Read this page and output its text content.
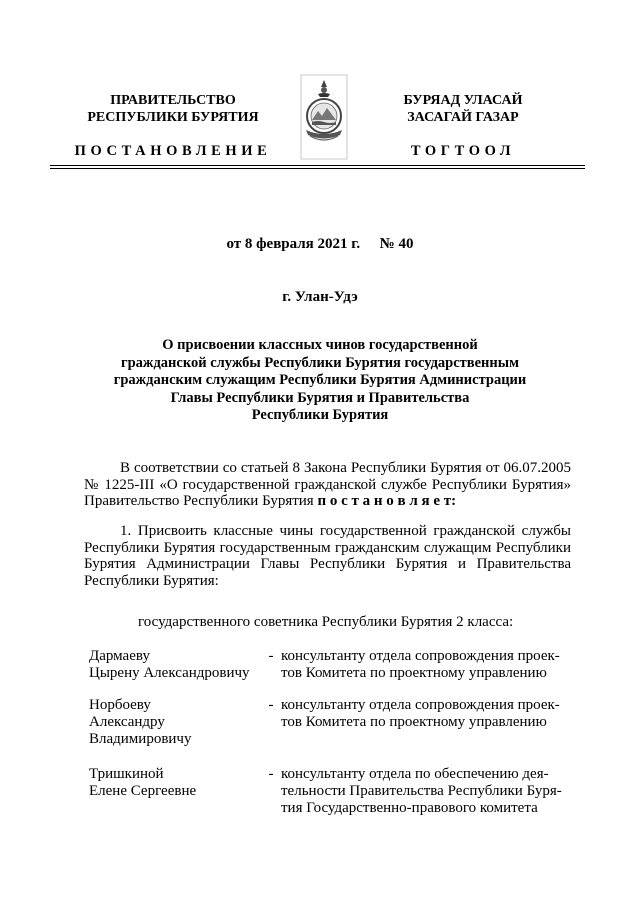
ПРАВИТЕЛЬСТВО
РЕСПУБЛИКИ БУРЯТИЯ
БУРЯАД УЛАСАЙ
ЗАСАГАЙ ГАЗАР
ПОСТАНОВЛЕНИЕ	ТОГТООЛ
от 8 февраля 2021 г. № 40
г. Улан-Удэ
О присвоении классных чинов государственной
гражданской службы Республики Бурятия государственным
гражданским служащим Республики Бурятия Администрации
Главы Республики Бурятия и Правительства
Республики Бурятия

В соответствии со статьей 8 Закона Республики Бурятия от 06.07.2005 № 1225-III «О государственной гражданской службе Республики Бурятия» Правительство Республики Бурятия п о с т а н о в л я е т:

1. Присвоить классные чины государственной гражданской службы Республики Бурятия государственным гражданским служащим Республики Бурятия Администрации Главы Республики Бурятия и Правительства Республики Бурятия:

государственного советника Республики Бурятия 2 класса:
Дармаеву
Цырену Александровичу
- консультанту отдела сопровождения проек-
тов Комитета по проектному управлению
Норбоеву
Александру
Владимировичу
- консультанту отдела сопровождения проек-
тов Комитета по проектному управлению
Тришкиной
Елене Сергеевне
- консультанту отдела по обеспечению дея-
тельности Правительства Республики Буря-
тия Государственно-правового комитета
